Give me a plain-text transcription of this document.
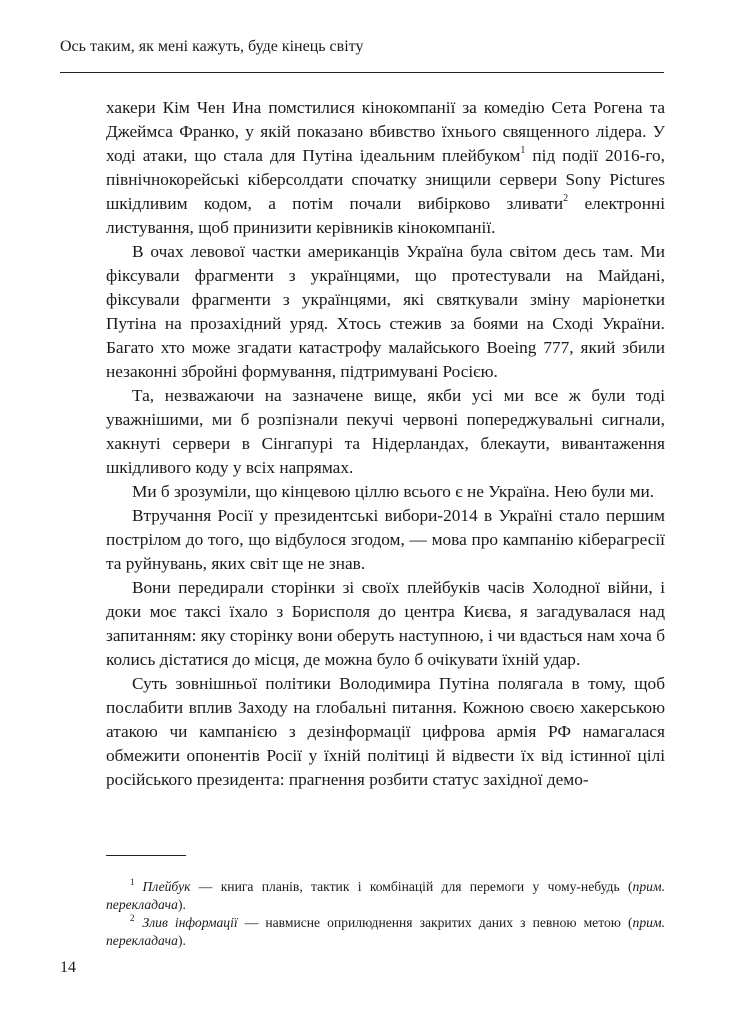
Ось таким, як мені кажуть, буде кінець світу

хакери Кім Чен Ина помстилися кінокомпанії за комедію Сета Рогена та Джеймса Франко, у якій показано вбивство їхнього священного лідера. У ході атаки, що стала для Путіна ідеальним плейбуком$^1$ під події 2016-го, північнокорейські кіберсолдати спочатку знищили сервери Sony Pictures шкідливим кодом, а потім почали вибірково зливати$^2$ електронні листування, щоб принизити керівників кінокомпанії.

В очах левової частки американців Україна була світом десь там. Ми фіксували фрагменти з українцями, що протестували на Майдані, фіксували фрагменти з українцями, які святкували зміну маріонетки Путіна на прозахідний уряд. Хтось стежив за боями на Сході України. Багато хто може згадати катастрофу малайського Boeing 777, який збили незаконні збройні формування, підтримувані Росією.

Та, незважаючи на зазначене вище, якби усі ми все ж були тоді уважнішими, ми б розпізнали пекучі червоні попереджувальні сигнали, хакнуті сервери в Сінгапурі та Нідерландах, блекаути, вивантаження шкідливого коду у всіх напрямах.

Ми б зрозуміли, що кінцевою ціллю всього є не Україна. Нею були ми.

Втручання Росії у президентські вибори-2014 в Україні стало першим пострілом до того, що відбулося згодом, — мова про кампанію кіберагресії та руйнувань, яких світ ще не знав.

Вони передирали сторінки зі своїх плейбуків часів Холодної війни, і доки моє таксі їхало з Борисполя до центра Києва, я загадувалася над запитанням: яку сторінку вони оберуть наступною, і чи вдасться нам хоча б колись дістатися до місця, де можна було б очікувати їхній удар.

Суть зовнішньої політики Володимира Путіна полягала в тому, щоб послабити вплив Заходу на глобальні питання. Кожною своєю хакерською атакою чи кампанією з дезінформації цифрова армія РФ намагалася обмежити опонентів Росії у їхній політиці й відвести їх від істинної цілі російського президента: прагнення розбити статус західної демо-

$^1$ Плейбук — книга планів, тактик і комбінацій для перемоги у чому-небудь (прим. перекладача).

$^2$ Злив інформації — навмисне оприлюднення закритих даних з певною метою (прим. перекладача).

14
